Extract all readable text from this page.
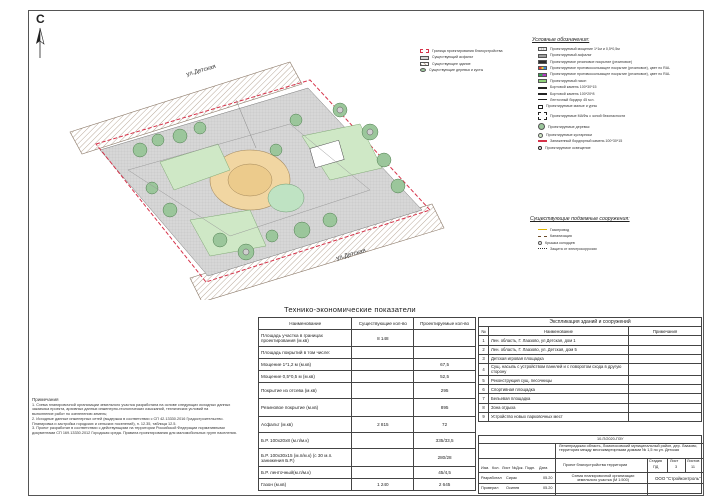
С
ул.Детская
ул.Детская
Граница проектирования благоустройства
Существующий асфальт
Существующее здание
Существующие деревья и кусты
Условные обозначения:
Проектируемый мощение 1*1м и 0,5*0,5м
Проектируемый асфальт
Проектируемое резиновое покрытие (резиновое)
Проектируемое противоскользящее покрытие (резиновое), цвет по RAL
Проектируемое противоскользящее покрытие (резиновое), цвет по RAL
Проектируемый газон
Бортовой камень 100*30*15
Бортовой камень 100*20*8
Ленточный бордюр 45 м.п.
Проектируемые малые и урны
Проектируемые МАФы с зоной безопасности
Проектируемые деревья
Проектируемые кустарники
Заниженный бордюрный камень 100*30*15
Проектируемое освещение
Существующие подземные сооружения:
Газопровод
Канализация
Крышка колодцев
Защита от электрокоррозии
Технико-экономические показатели
Наименование	Существующие кол-во	Проектируемые кол-во
Площадь участка в границах проектирования (м.кв)	8 148	
Площадь покрытий в том числе:		
Мощение 1*1,2 м (м.кв)		67,5
Мощение 0,5*0,5 м (м.кв)		52,5
Покрытие из отсева (м.кв)		295
Резиновое покрытие (м.кв)		895
Асфальт (м.кв)	2 815	72
Б.Р. 100х20х8 (м.п/м.к)		335/33,5
Б.Р. 100х30х15 (м.п/м.к) (с 30 м.п. занижения Б.Р.)		280/28
Б.Р. ленточный(м.п/м.к)		45/4,5
Газон (м.кв)	1 240	2 645
Экспликация зданий и сооружений		
№	Наименование	Примечания
1	Лен. область, Г. Лаазово, ул Детская, дом 1	
2	Лен. область, Г. Лаазово, ул. Детская, дом 5	
3	Детская игровая площадка	
4	Сущ. насыпь с устройством панелей и с поворотом схода в другую сторону	
5	Реконструкция сущ. песочницы	
6	Спортивная площадка	
7	Бельевая площадка	
8	Зона отдыха	
9	Устройство новых парковочных мест	
Примечания
1. Схема планировочной организации земельного участка разработана на основе следующих исходных данных
заказчика проекта, архивных данных инженерно-геологических изысканий, технических условий на
выполнение работ по озеленению земель;
2. Исходные данные инженерных сетей (выдержка в соответствии с СП 42.13330.2016 Градостроительство.
Планировка и застройка городских и сельских поселений), п. 12.35, таблица 12.5.
3. Проект разработан в соответствии с действующими на территории Российской Федерации нормативными
документами СП 169.13330.2012 Городская среда. Правила проектирования для маломобильных групп населения.
10-П/2020-ПЗУ
Ленинградская область, Ломоносовский муниципальный район, дер. Лаазово, территория между многоквартирными домами № 1,5 по ул. Детская
Проект благоустройства территории
Стадия Лист Листов
ПД	3	11
Схема планировочной организации земельного участка (М 1:500)	ООО "Стройконтроль"
Изм. Кол. Лист №Док. Подп. Дата
Разработал Сирак	05.20
Проверил Осинев	05.20
